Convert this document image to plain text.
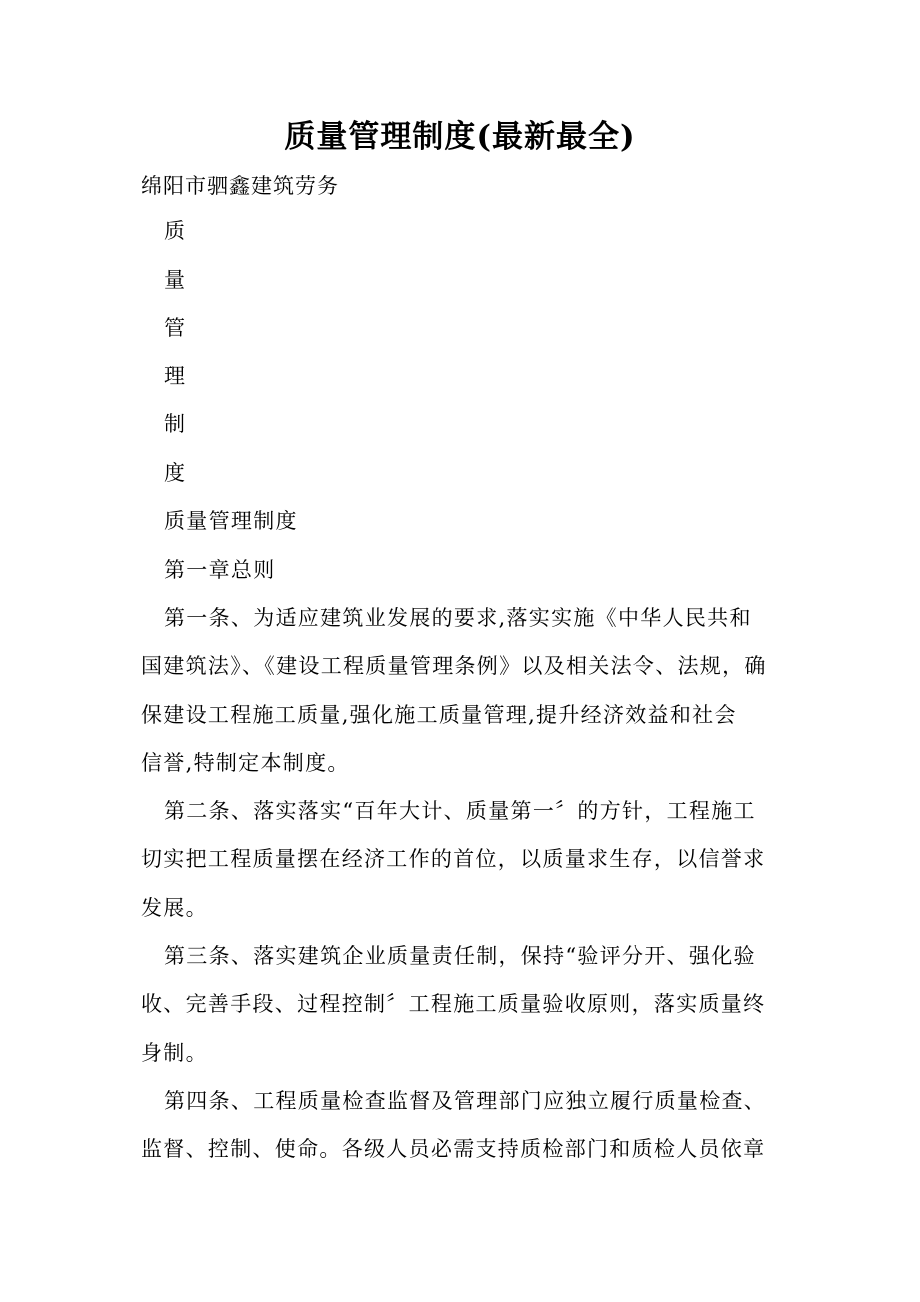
质量管理制度(最新最全)
绵阳市驷鑫建筑劳务
质
量
管
理
制
度
质量管理制度
第一章总则
第一条、为适应建筑业发展的要求,落实实施《中华人民共和
国建筑法》、《建设工程质量管理条例》以及相关法令、法规，确
保建设工程施工质量,强化施工质量管理,提升经济效益和社会
信誉,特制定本制度。
第二条、落实落实“百年大计、质量第一〞的方针，工程施工
切实把工程质量摆在经济工作的首位，以质量求生存，以信誉求
发展。
第三条、落实建筑企业质量责任制，保持“验评分开、强化验
收、完善手段、过程控制〞工程施工质量验收原则，落实质量终
身制。
第四条、工程质量检查监督及管理部门应独立履行质量检查、
监督、控制、使命。各级人员必需支持质检部门和质检人员依章
